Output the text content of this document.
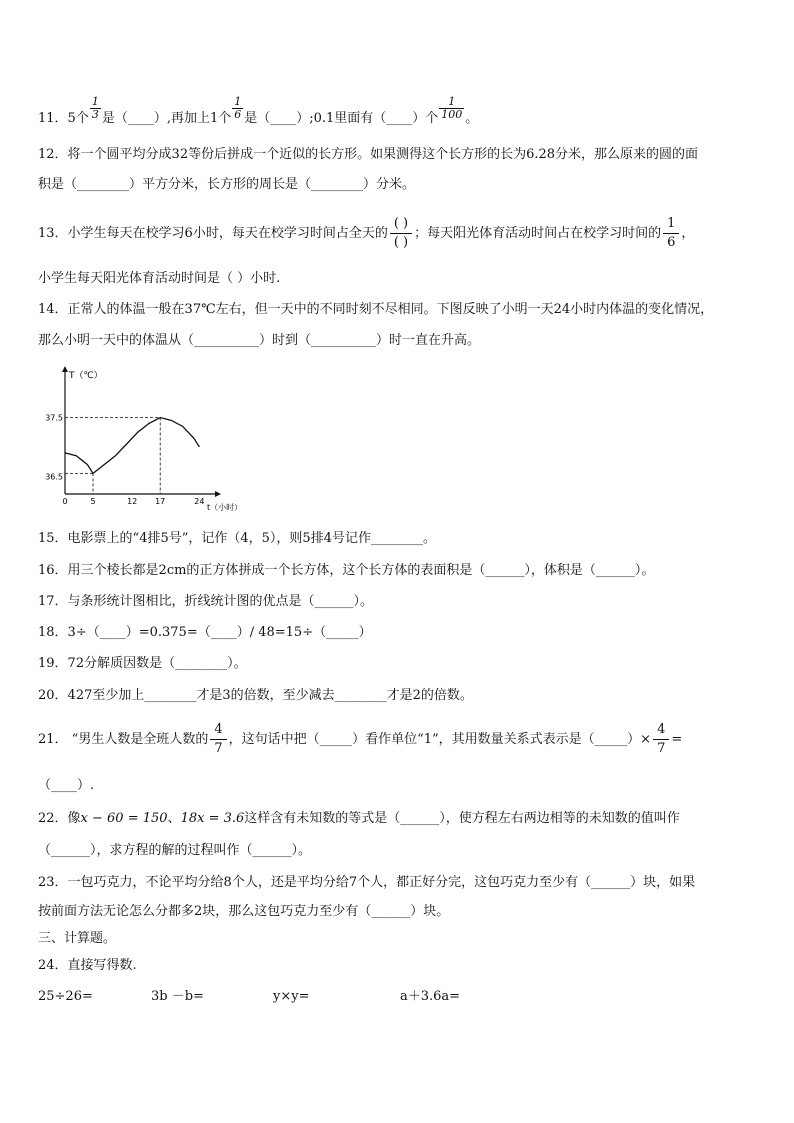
11．5个 $\frac{1}{3}$ 是（____）,再加上1个 $\frac{1}{6}$ 是（____）;0.1里面有（____）个 $\frac{1}{100}$ 。
12．将一个圆平均分成32等份后拼成一个近似的长方形。如果测得这个长方形的长为6.28分米，那么原来的圆的面
积是（________）平方分米，长方形的周长是（________）分米。
13．小学生每天在校学习6小时，每天在校学习时间占全天的
( )
( )
；每天阳光体育活动时间占在校学习时间的 $\frac{1}{6}$ ，
小学生每天阳光体育活动时间是（ ）小时.
14．正常人的体温一般在37℃左右，但一天中的不同时刻不尽相同。下图反映了小明一天24小时内体温的变化情况，
那么小明一天中的体温从（__________）时到（__________）时一直在升高。
T（℃）
t（小时）
0	5	12 17	24
36.5
37.5
15．电影票上的“4排5号”，记作（4，5），则5排4号记作________。
16．用三个棱长都是2cm的正方体拼成一个长方体，这个长方体的表面积是（______），体积是（______）。
17．与条形统计图相比，折线统计图的优点是（______）。
18．3÷（____）=0.375=（____）/ 48=15÷（_____）
19．72分解质因数是（________）。
20．427至少加上________才是3的倍数，至少减去________才是2的倍数。
21． “男生人数是全班人数的 $\frac{4}{7}$ ，这句话中把（_____）看作单位“1”，其用数量关系式表示是（_____）× $\frac{4}{7}$ =
（____）.
22．像x − 60 = 150、18x = 3.6这样含有未知数的等式是（______），使方程左右两边相等的未知数的值叫作
（______），求方程的解的过程叫作（______）。
23．一包巧克力，不论平均分给8个人，还是平均分给7个人，都正好分完，这包巧克力至少有（______）块，如果
按前面方法无论怎么分都多2块，那么这包巧克力至少有（______）块。
三、计算题。
24．直接写得数.
25÷26=	3b －b=	y×y=	a＋3.6a=
